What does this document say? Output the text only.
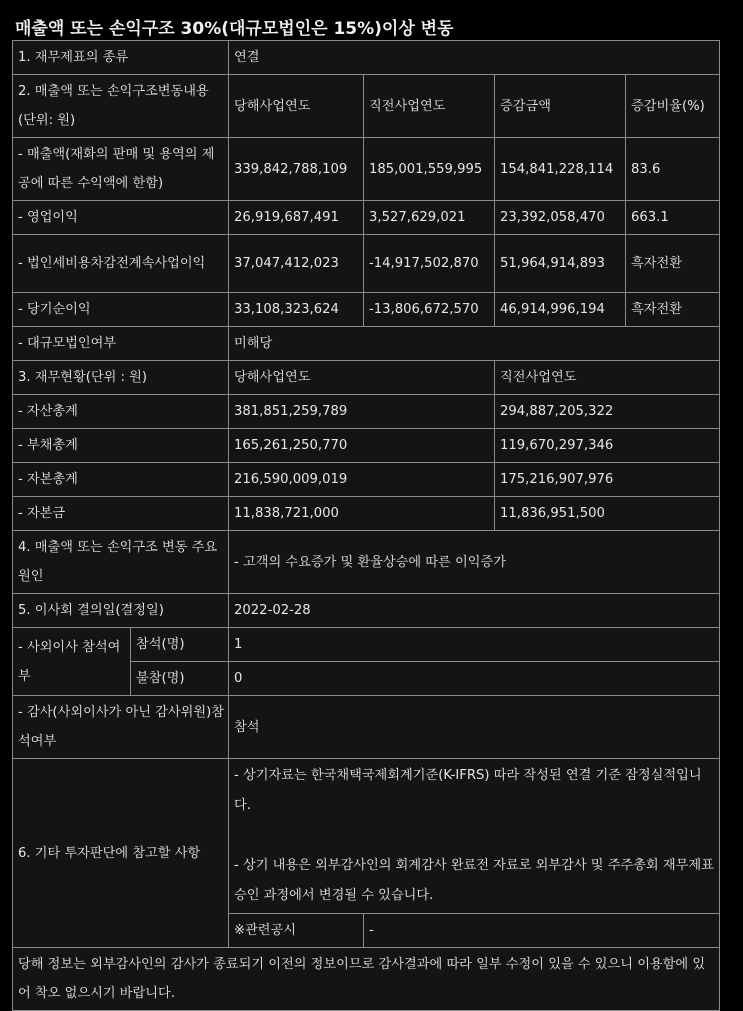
매출액 또는 손익구조 30%(대규모법인은 15%)이상 변동
1. 재무제표의 종류		연결			
2. 매출액 또는 손익구조변동내용(단위: 원)		당해사업연도	직전사업연도	증감금액	증감비율(%)
- 매출액(재화의 판매 및 용역의 제공에 따른 수익액에 한함)		339,842,788,109	185,001,559,995	154,841,228,114	83.6
- 영업이익		26,919,687,491	3,527,629,021	23,392,058,470	663.1
- 법인세비용차감전계속사업이익		37,047,412,023	-14,917,502,870	51,964,914,893	흑자전환
- 당기순이익		33,108,323,624	-13,806,672,570	46,914,996,194	흑자전환
- 대규모법인여부		미해당			
3. 재무현황(단위 : 원)		당해사업연도		직전사업연도	
- 자산총계		381,851,259,789		294,887,205,322	
- 부채총계		165,261,250,770		119,670,297,346	
- 자본총계		216,590,009,019		175,216,907,976	
- 자본금		11,838,721,000		11,836,951,500	
4. 매출액 또는 손익구조 변동 주요원인		- 고객의 수요증가 및 환율상승에 따른 이익증가			
5. 이사회 결의일(결정일)		2022-02-28			
- 사외이사 참석여부	참석(명)	1			
	불참(명)	0			
- 감사(사외이사가 아닌 감사위원)참석여부		참석			
6. 기타 투자판단에 참고할 사항		- 상기자료는 한국채택국제회계기준(K-IFRS) 따라 작성된 연결 기준 잠정실적입니다.
- 상기 내용은 외부감사인의 회계감사 완료전 자료로 외부감사 및 주주총회 재무제표 승인 과정에서 변경될 수 있습니다.			

		※관련공시	-		
당해 정보는 외부감사인의 감사가 종료되기 이전의 정보이므로 감사결과에 따라 일부 수정이 있을 수 있으니 이용함에 있어 착오 없으시기 바랍니다.					
